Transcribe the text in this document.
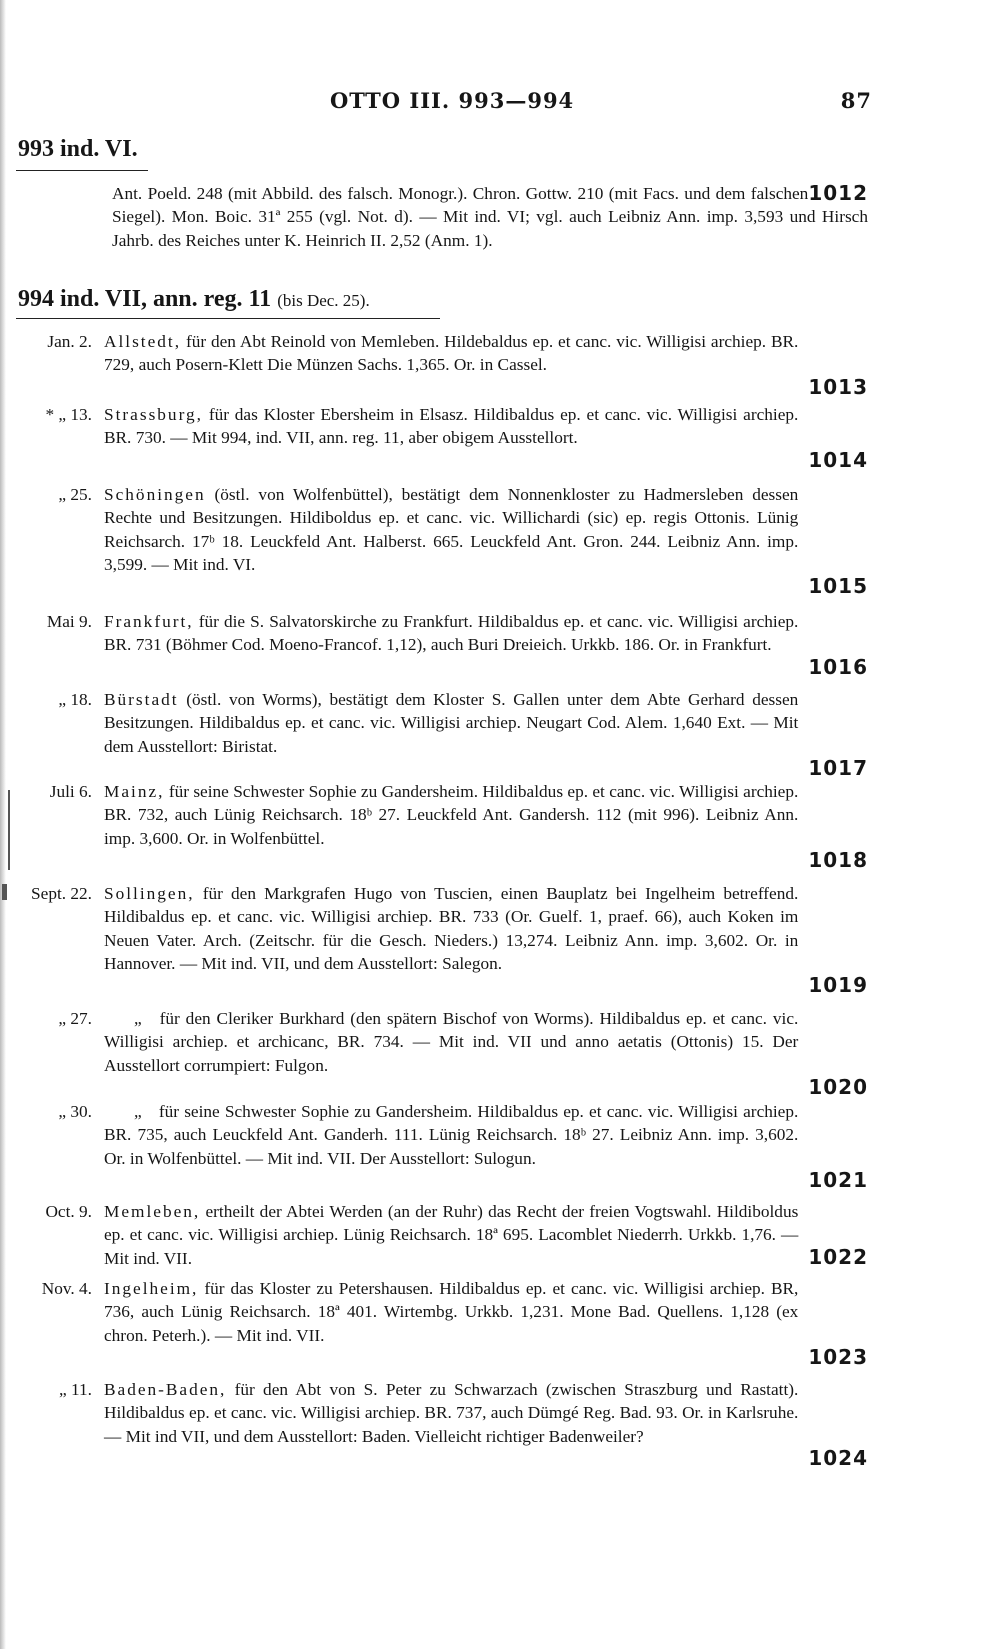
OTTO III. 993—994	87
993 ind. VI.
1012
Ant. Poeld. 248 (mit Abbild. des falsch. Monogr.). Chron. Gottw. 210 (mit Facs. und dem falschen Siegel). Mon. Boic. 31ª 255 (vgl. Not. d). — Mit ind. VI; vgl. auch Leibniz Ann. imp. 3,593 und Hirsch Jahrb. des Reiches unter K. Heinrich II. 2,52 (Anm. 1).
994 ind. VII, ann. reg. 11 (bis Dec. 25).
Jan. 2.
1013
Allstedt, für den Abt Reinold von Memleben. Hildebaldus ep. et canc. vic. Willigisi archiep. BR. 729, auch Posern-Klett Die Münzen Sachs. 1,365. Or. in Cassel.
* „ 13.
1014
Strassburg, für das Kloster Ebersheim in Elsasz. Hildibaldus ep. et canc. vic. Willigisi archiep. BR. 730. — Mit 994, ind. VII, ann. reg. 11, aber obigem Ausstellort.
„ 25.
1015
Schöningen (östl. von Wolfenbüttel), bestätigt dem Nonnenkloster zu Hadmersleben dessen Rechte und Besitzungen. Hildiboldus ep. et canc. vic. Willichardi (sic) ep. regis Ottonis. Lünig Reichsarch. 17ᵇ 18. Leuckfeld Ant. Halberst. 665. Leuckfeld Ant. Gron. 244. Leibniz Ann. imp. 3,599. — Mit ind. VI.
Mai 9.
1016
Frankfurt, für die S. Salvatorskirche zu Frankfurt. Hildibaldus ep. et canc. vic. Willigisi archiep. BR. 731 (Böhmer Cod. Moeno-Francof. 1,12), auch Buri Dreieich. Urkkb. 186. Or. in Frankfurt.
„ 18.
1017
Bürstadt (östl. von Worms), bestätigt dem Kloster S. Gallen unter dem Abte Gerhard dessen Besitzungen. Hildibaldus ep. et canc. vic. Willigisi archiep. Neugart Cod. Alem. 1,640 Ext. — Mit dem Ausstellort: Biristat.
Juli 6.
1018
Mainz, für seine Schwester Sophie zu Gandersheim. Hildibaldus ep. et canc. vic. Willigisi archiep. BR. 732, auch Lünig Reichsarch. 18ᵇ 27. Leuckfeld Ant. Gandersh. 112 (mit 996). Leibniz Ann. imp. 3,600. Or. in Wolfenbüttel.
Sept. 22.
1019
Sollingen, für den Markgrafen Hugo von Tuscien, einen Bauplatz bei Ingelheim betreffend. Hildibaldus ep. et canc. vic. Willigisi archiep. BR. 733 (Or. Guelf. 1, praef. 66), auch Koken im Neuen Vater. Arch. (Zeitschr. für die Gesch. Nieders.) 13,274. Leibniz Ann. imp. 3,602. Or. in Hannover. — Mit ind. VII, und dem Ausstellort: Salegon.
„ 27.
1020
„ für den Cleriker Burkhard (den spätern Bischof von Worms). Hildibaldus ep. et canc. vic. Willigisi archiep. et archicanc, BR. 734. — Mit ind. VII und anno aetatis (Ottonis) 15. Der Ausstellort corrumpiert: Fulgon.
„ 30.
1021
„ für seine Schwester Sophie zu Gandersheim. Hildibaldus ep. et canc. vic. Willigisi archiep. BR. 735, auch Leuckfeld Ant. Ganderh. 111. Lünig Reichsarch. 18ᵇ 27. Leibniz Ann. imp. 3,602. Or. in Wolfenbüttel. — Mit ind. VII. Der Ausstellort: Sulogun.
Oct. 9.
1022
Memleben, ertheilt der Abtei Werden (an der Ruhr) das Recht der freien Vogtswahl. Hildiboldus ep. et canc. vic. Willigisi archiep. Lünig Reichsarch. 18ª 695. Lacomblet Niederrh. Urkkb. 1,76. — Mit ind. VII.
Nov. 4.
1023
Ingelheim, für das Kloster zu Petershausen. Hildibaldus ep. et canc. vic. Willigisi archiep. BR, 736, auch Lünig Reichsarch. 18ª 401. Wirtembg. Urkkb. 1,231. Mone Bad. Quellens. 1,128 (ex chron. Peterh.). — Mit ind. VII.
„ 11.
1024
Baden-Baden, für den Abt von S. Peter zu Schwarzach (zwischen Straszburg und Rastatt). Hildibaldus ep. et canc. vic. Willigisi archiep. BR. 737, auch Dümgé Reg. Bad. 93. Or. in Karlsruhe. — Mit ind VII, und dem Ausstellort: Baden. Vielleicht richtiger Badenweiler?
